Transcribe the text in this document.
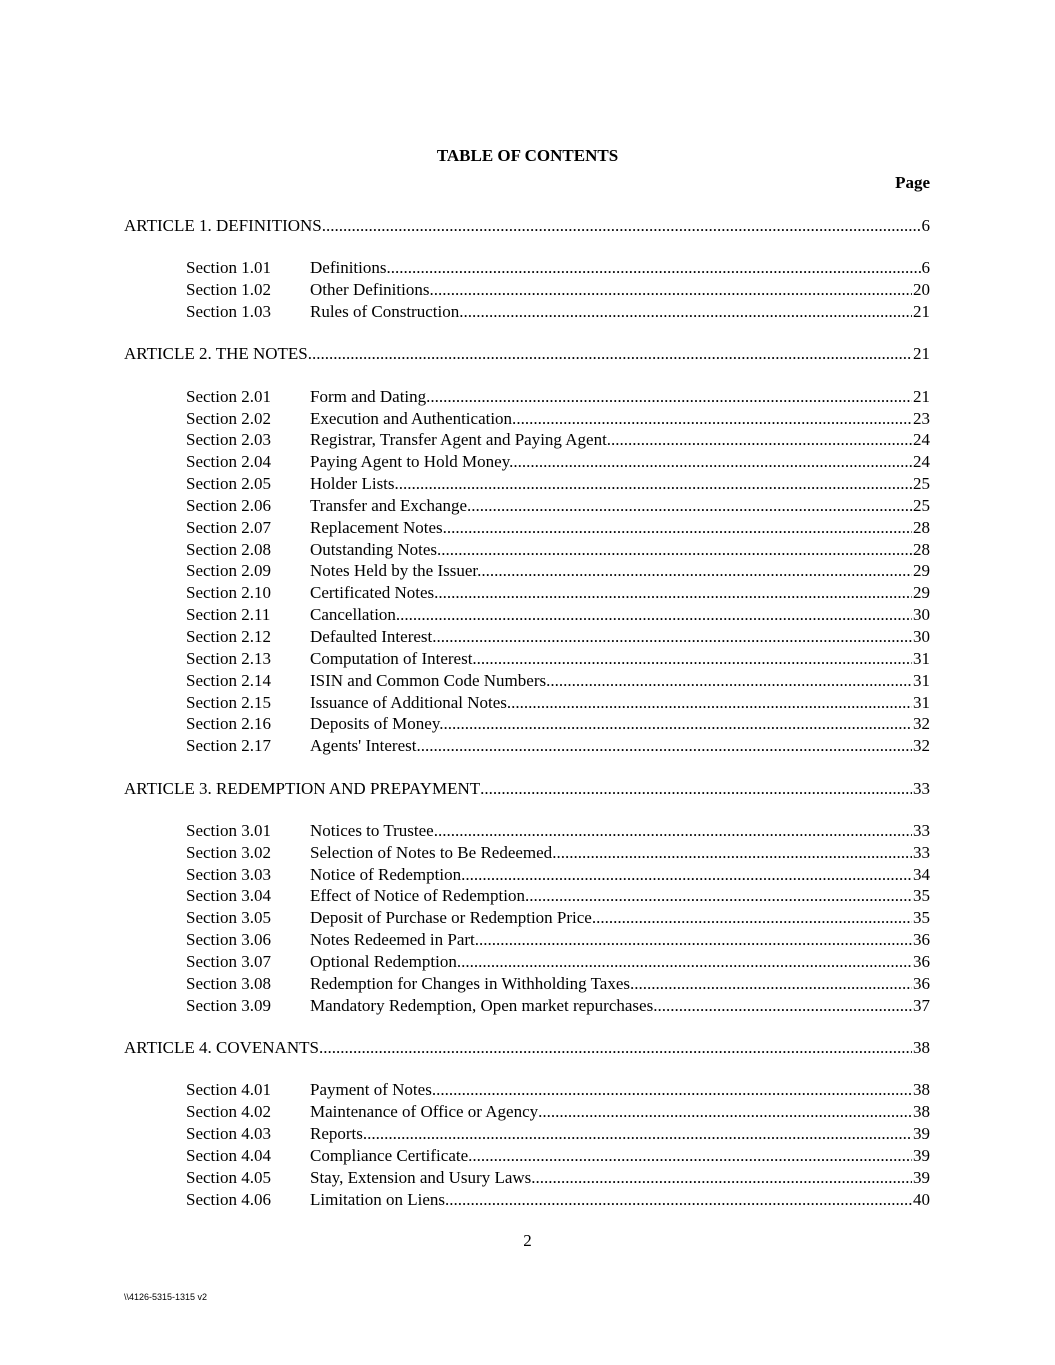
TABLE OF CONTENTS
Page
ARTICLE 1. DEFINITIONS .....	6
Section 1.01	Definitions. .....	6
Section 1.02	Other Definitions. .....	20
Section 1.03	Rules of Construction. .....	21
ARTICLE 2. THE NOTES .....	21
Section 2.01	Form and Dating. .....	21
Section 2.02	Execution and Authentication. .....	23
Section 2.03	Registrar, Transfer Agent and Paying Agent. .....	24
Section 2.04	Paying Agent to Hold Money. .....	24
Section 2.05	Holder Lists. .....	25
Section 2.06	Transfer and Exchange. .....	25
Section 2.07	Replacement Notes. .....	28
Section 2.08	Outstanding Notes. .....	28
Section 2.09	Notes Held by the Issuer. .....	29
Section 2.10	Certificated Notes. .....	29
Section 2.11	Cancellation. .....	30
Section 2.12	Defaulted Interest. .....	30
Section 2.13	Computation of Interest. .....	31
Section 2.14	ISIN and Common Code Numbers. .....	31
Section 2.15	Issuance of Additional Notes. .....	31
Section 2.16	Deposits of Money. .....	32
Section 2.17	Agents' Interest. .....	32
ARTICLE 3. REDEMPTION AND PREPAYMENT .....	33
Section 3.01	Notices to Trustee. .....	33
Section 3.02	Selection of Notes to Be Redeemed .....	33
Section 3.03	Notice of Redemption. .....	34
Section 3.04	Effect of Notice of Redemption. .....	35
Section 3.05	Deposit of Purchase or Redemption Price. .....	35
Section 3.06	Notes Redeemed in Part. .....	36
Section 3.07	Optional Redemption. .....	36
Section 3.08	Redemption for Changes in Withholding Taxes. .....	36
Section 3.09	Mandatory Redemption, Open market repurchases. .....	37
ARTICLE 4. COVENANTS .....	38
Section 4.01	Payment of Notes. .....	38
Section 4.02	Maintenance of Office or Agency .....	38
Section 4.03	Reports. .....	39
Section 4.04	Compliance Certificate. .....	39
Section 4.05	Stay, Extension and Usury Laws. .....	39
Section 4.06	Limitation on Liens. .....	40
2
\\4126-5315-1315 v2
